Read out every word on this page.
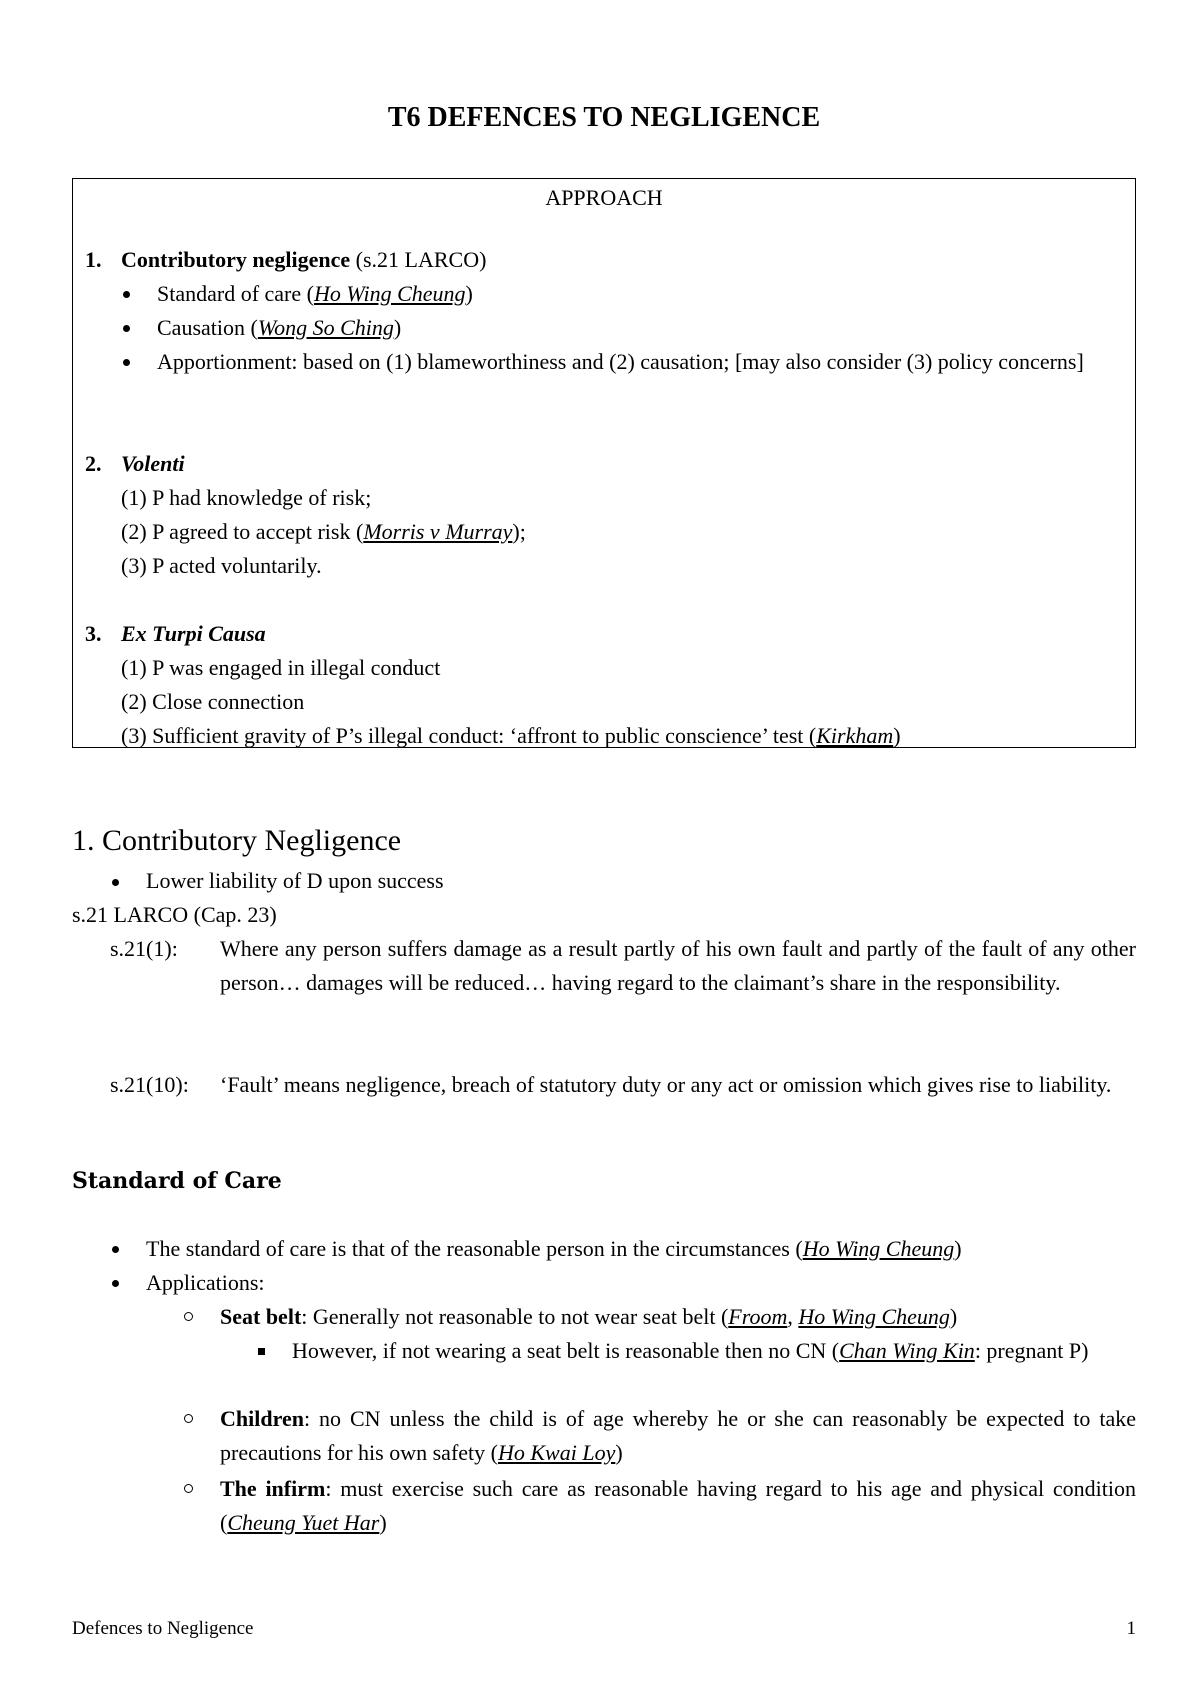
T6 DEFENCES TO NEGLIGENCE
APPROACH
1. Contributory negligence (s.21 LARCO)
Standard of care (Ho Wing Cheung)
Causation (Wong So Ching)
Apportionment: based on (1) blameworthiness and (2) causation; [may also consider (3) policy concerns]
2. Volenti
(1) P had knowledge of risk;
(2) P agreed to accept risk (Morris v Murray);
(3) P acted voluntarily.
3. Ex Turpi Causa
(1) P was engaged in illegal conduct
(2) Close connection
(3) Sufficient gravity of P’s illegal conduct: ‘affront to public conscience’ test (Kirkham)
1. Contributory Negligence
Lower liability of D upon success
s.21 LARCO (Cap. 23)
s.21(1): Where any person suffers damage as a result partly of his own fault and partly of the fault of any other person… damages will be reduced… having regard to the claimant’s share in the responsibility.
s.21(10): ‘Fault’ means negligence, breach of statutory duty or any act or omission which gives rise to liability.
Standard of Care
The standard of care is that of the reasonable person in the circumstances (Ho Wing Cheung)
Applications:
Seat belt: Generally not reasonable to not wear seat belt (Froom, Ho Wing Cheung)
However, if not wearing a seat belt is reasonable then no CN (Chan Wing Kin: pregnant P)
Children: no CN unless the child is of age whereby he or she can reasonably be expected to take precautions for his own safety (Ho Kwai Loy)
The infirm: must exercise such care as reasonable having regard to his age and physical condition (Cheung Yuet Har)
Defences to Negligence	1
